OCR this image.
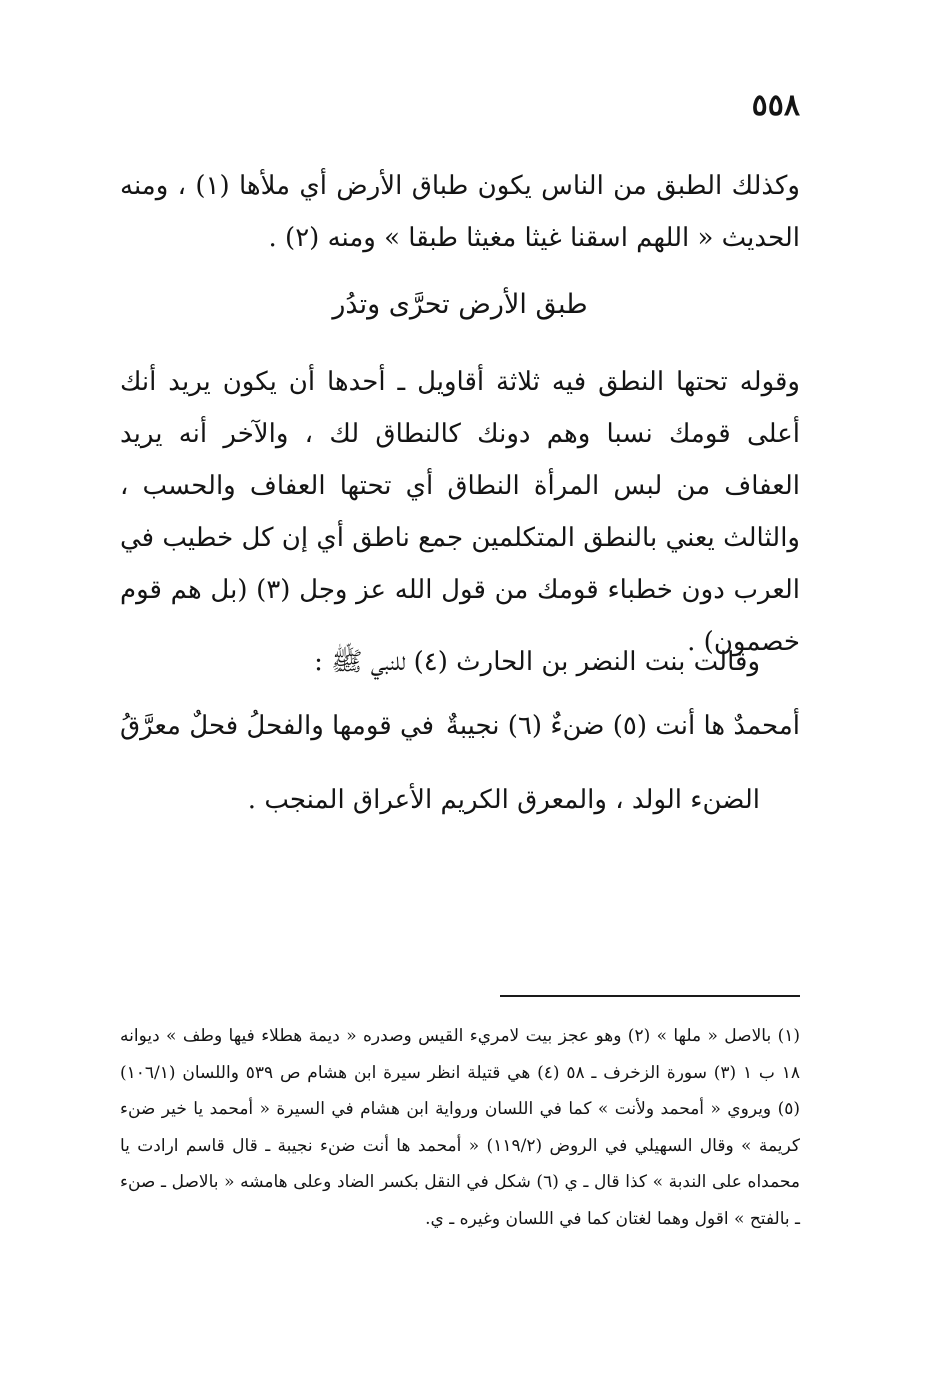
٥٥٨

وكذلك الطبق من الناس يكون طباق الأرض أي ملأها (١) ، ومنه الحديث « اللهم اسقنا غيثا مغيثا طبقا » ومنه (٢) .

طبق الأرض تحرَّى وتدُر

وقوله تحتها النطق فيه ثلاثة أقاويل ـ أحدها أن يكون يريد أنك أعلى قومك نسبا وهم دونك كالنطاق لك ، والآخر أنه يريد العفاف من لبس المرأة النطاق أي تحتها العفاف والحسب ، والثالث يعني بالنطق المتكلمين جمع ناطق أي إن كل خطيب في العرب دون خطباء قومك من قول الله عز وجل (٣) (بل هم قوم خصمون) .

وقالت بنت النضر بن الحارث (٤) للنبي ﷺ :

أمحمدٌ ها أنت (٥) ضنءٌ (٦) نجيبةٌ
في قومها والفحلُ فحلٌ معرَّقُ

الضنء الولد ، والمعرق الكريم الأعراق المنجب .

(١) بالاصل « ملها » (٢) وهو عجز بيت لامريء القيس وصدره « ديمة هطلاء فيها وطف » ديوانه ١٨ ب ١ (٣) سورة الزخرف ـ ٥٨ (٤) هي قتيلة انظر سيرة ابن هشام ص ٥٣٩ واللسان (١٠٦/١) (٥) ويروي « أمحمد ولأنت » كما في اللسان ورواية ابن هشام في السيرة « أمحمد يا خير ضنء كريمة » وقال السهيلي في الروض (١١٩/٢) « أمحمد ها أنت ضنء نجيبة ـ قال قاسم ارادت يا محمداه على الندبة » كذا قال ـ ي (٦) شكل في النقل بكسر الضاد وعلى هامشه « بالاصل ـ صنء ـ بالفتح » اقول وهما لغتان كما في اللسان وغيره ـ ي.
